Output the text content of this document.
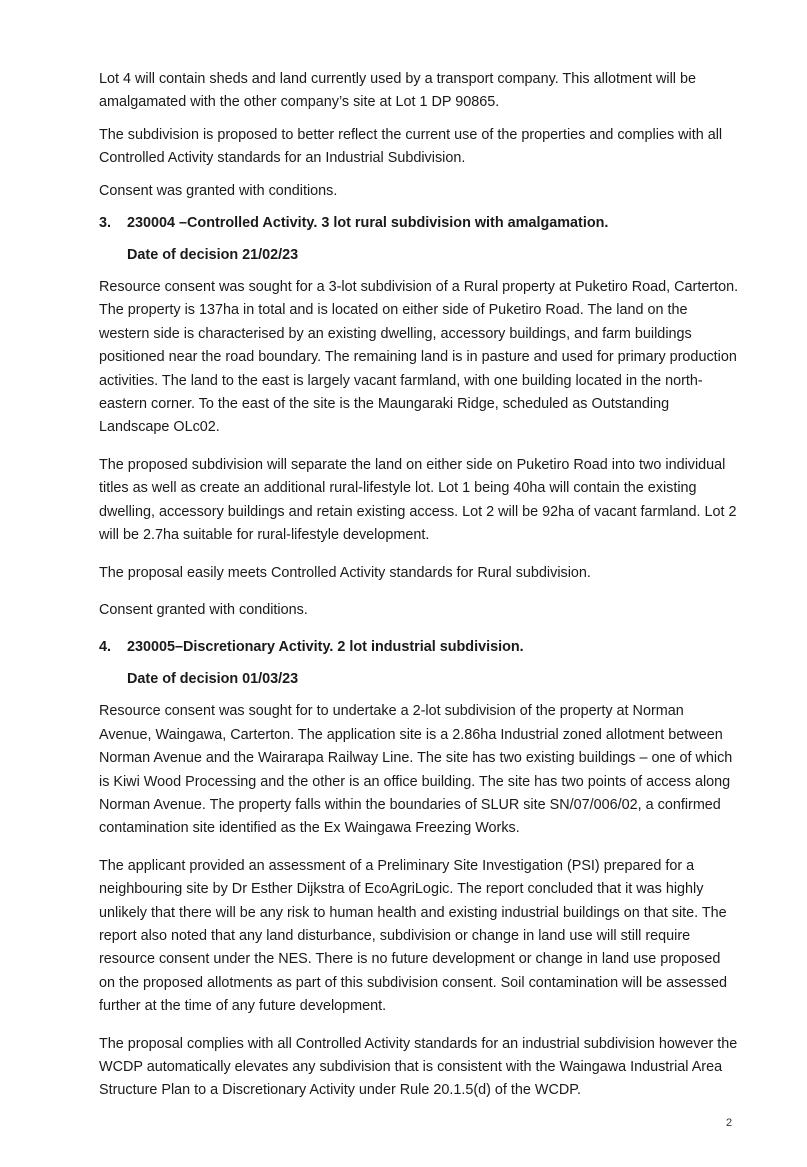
Lot 4 will contain sheds and land currently used by a transport company. This allotment will be amalgamated with the other company’s site at Lot 1 DP 90865.

The subdivision is proposed to better reflect the current use of the properties and complies with all Controlled Activity standards for an Industrial Subdivision.

Consent was granted with conditions.

3.	230004 –Controlled Activity. 3 lot rural subdivision with amalgamation.
Date of decision 21/02/23

Resource consent was sought for a 3-lot subdivision of a Rural property at Puketiro Road, Carterton. The property is 137ha in total and is located on either side of Puketiro Road. The land on the western side is characterised by an existing dwelling, accessory buildings, and farm buildings positioned near the road boundary. The remaining land is in pasture and used for primary production activities. The land to the east is largely vacant farmland, with one building located in the north-eastern corner. To the east of the site is the Maungaraki Ridge, scheduled as Outstanding Landscape OLc02.

The proposed subdivision will separate the land on either side on Puketiro Road into two individual titles as well as create an additional rural-lifestyle lot. Lot 1 being 40ha will contain the existing dwelling, accessory buildings and retain existing access. Lot 2 will be 92ha of vacant farmland. Lot 2 will be 2.7ha suitable for rural-lifestyle development.

The proposal easily meets Controlled Activity standards for Rural subdivision.

Consent granted with conditions.

4.	230005–Discretionary Activity. 2 lot industrial subdivision.
Date of decision 01/03/23

Resource consent was sought for to undertake a 2-lot subdivision of the property at Norman Avenue, Waingawa, Carterton. The application site is a 2.86ha Industrial zoned allotment between Norman Avenue and the Wairarapa Railway Line. The site has two existing buildings – one of which is Kiwi Wood Processing and the other is an office building. The site has two points of access along Norman Avenue. The property falls within the boundaries of SLUR site SN/07/006/02, a confirmed contamination site identified as the Ex Waingawa Freezing Works.

The applicant provided an assessment of a Preliminary Site Investigation (PSI) prepared for a neighbouring site by Dr Esther Dijkstra of EcoAgriLogic. The report concluded that it was highly unlikely that there will be any risk to human health and existing industrial buildings on that site. The report also noted that any land disturbance, subdivision or change in land use will still require resource consent under the NES. There is no future development or change in land use proposed on the proposed allotments as part of this subdivision consent. Soil contamination will be assessed further at the time of any future development.

The proposal complies with all Controlled Activity standards for an industrial subdivision however the WCDP automatically elevates any subdivision that is consistent with the Waingawa Industrial Area Structure Plan to a Discretionary Activity under Rule 20.1.5(d) of the WCDP.

2
